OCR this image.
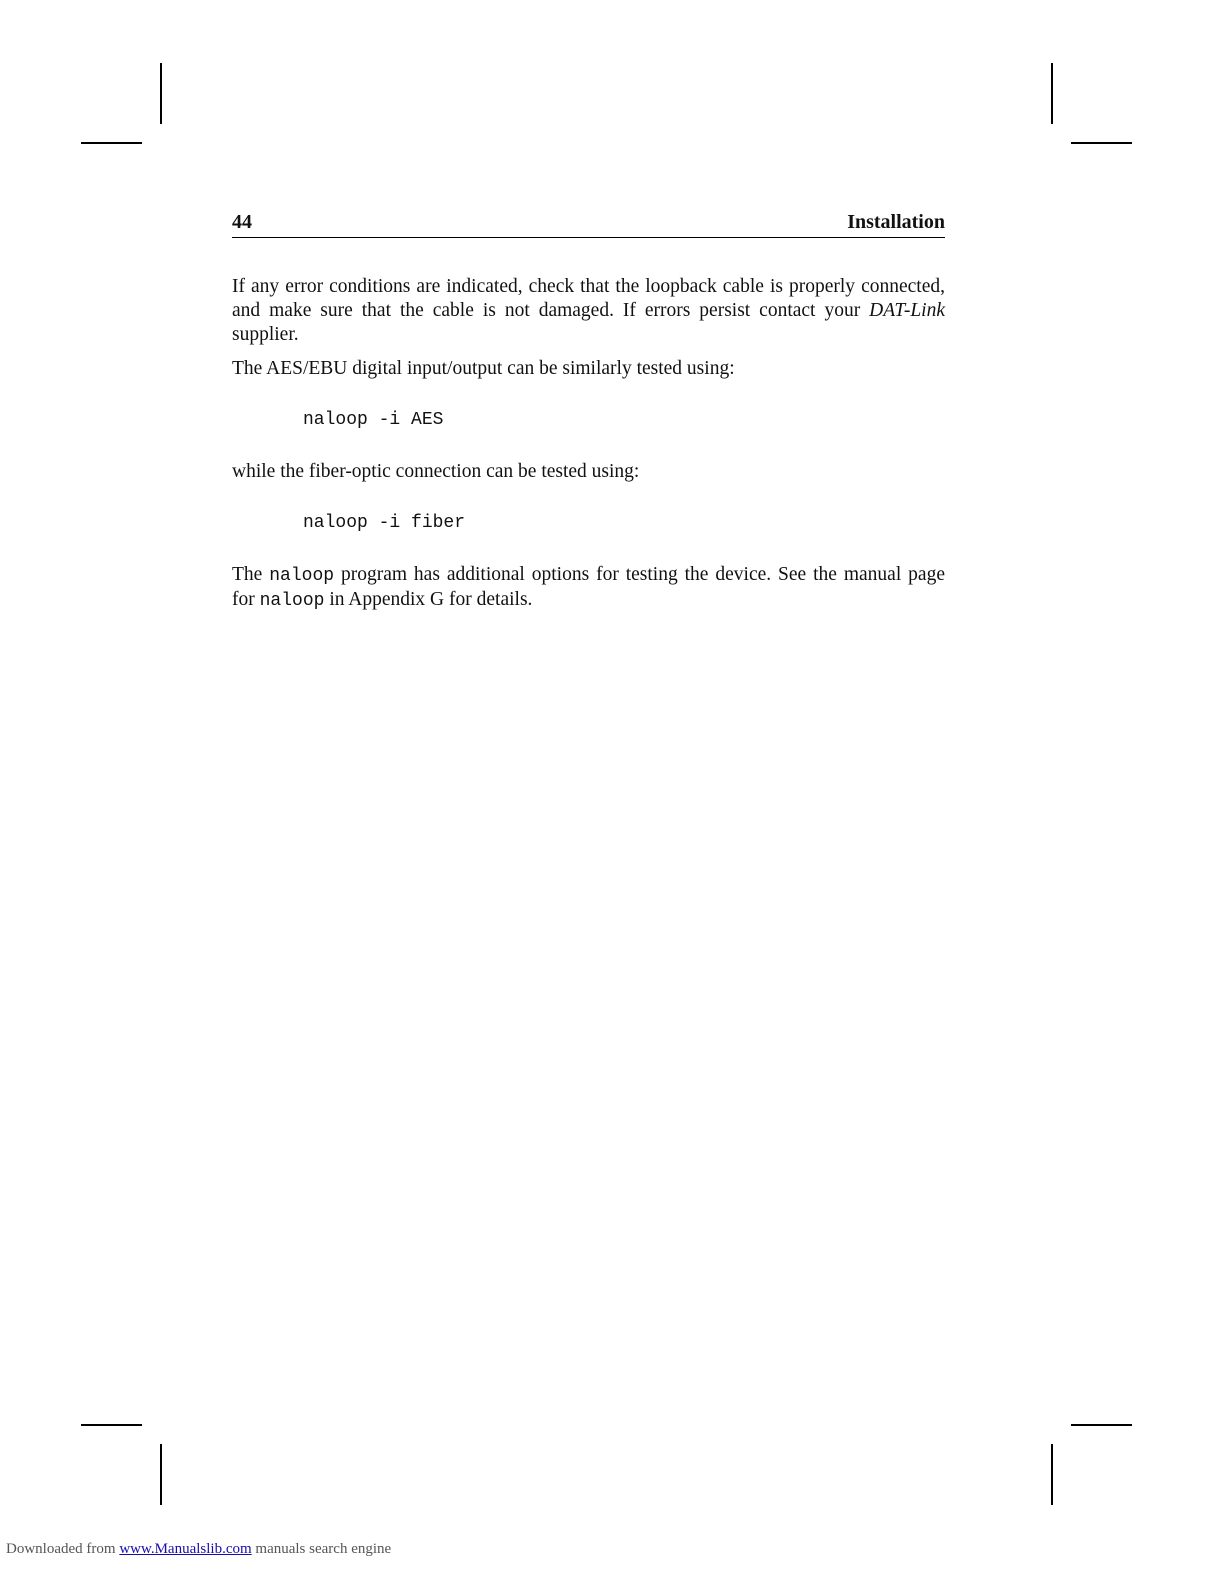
44	Installation

If any error conditions are indicated, check that the loopback cable is properly connected, and make sure that the cable is not damaged. If errors persist contact your DAT-Link supplier.

The AES/EBU digital input/output can be similarly tested using:

naloop -i AES

while the fiber-optic connection can be tested using:

naloop -i fiber

The naloop program has additional options for testing the device. See the manual page for naloop in Appendix G for details.

Downloaded from www.Manualslib.com manuals search engine
